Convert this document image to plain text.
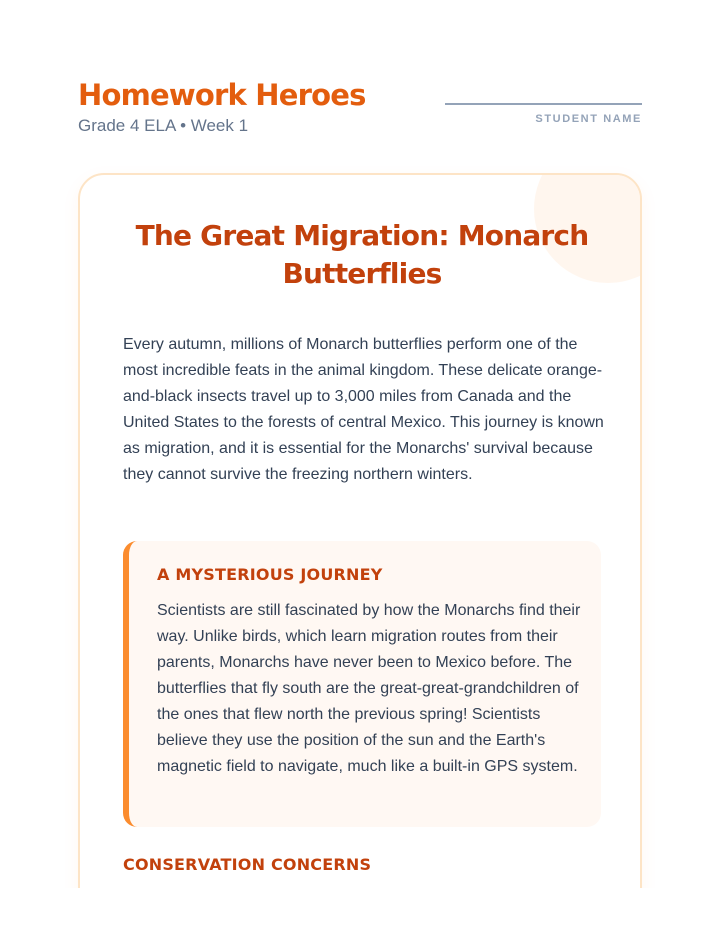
Homework Heroes
Grade 4 ELA • Week 1	STUDENT NAME
The Great Migration: Monarch Butterflies

Every autumn, millions of Monarch butterflies perform one of the most incredible feats in the animal kingdom. These delicate orange-and-black insects travel up to 3,000 miles from Canada and the United States to the forests of central Mexico. This journey is known as migration, and it is essential for the Monarchs' survival because they cannot survive the freezing northern winters.

A MYSTERIOUS JOURNEY

Scientists are still fascinated by how the Monarchs find their way. Unlike birds, which learn migration routes from their parents, Monarchs have never been to Mexico before. The butterflies that fly south are the great-great-grandchildren of the ones that flew north the previous spring! Scientists believe they use the position of the sun and the Earth's magnetic field to navigate, much like a built-in GPS system.

CONSERVATION CONCERNS
